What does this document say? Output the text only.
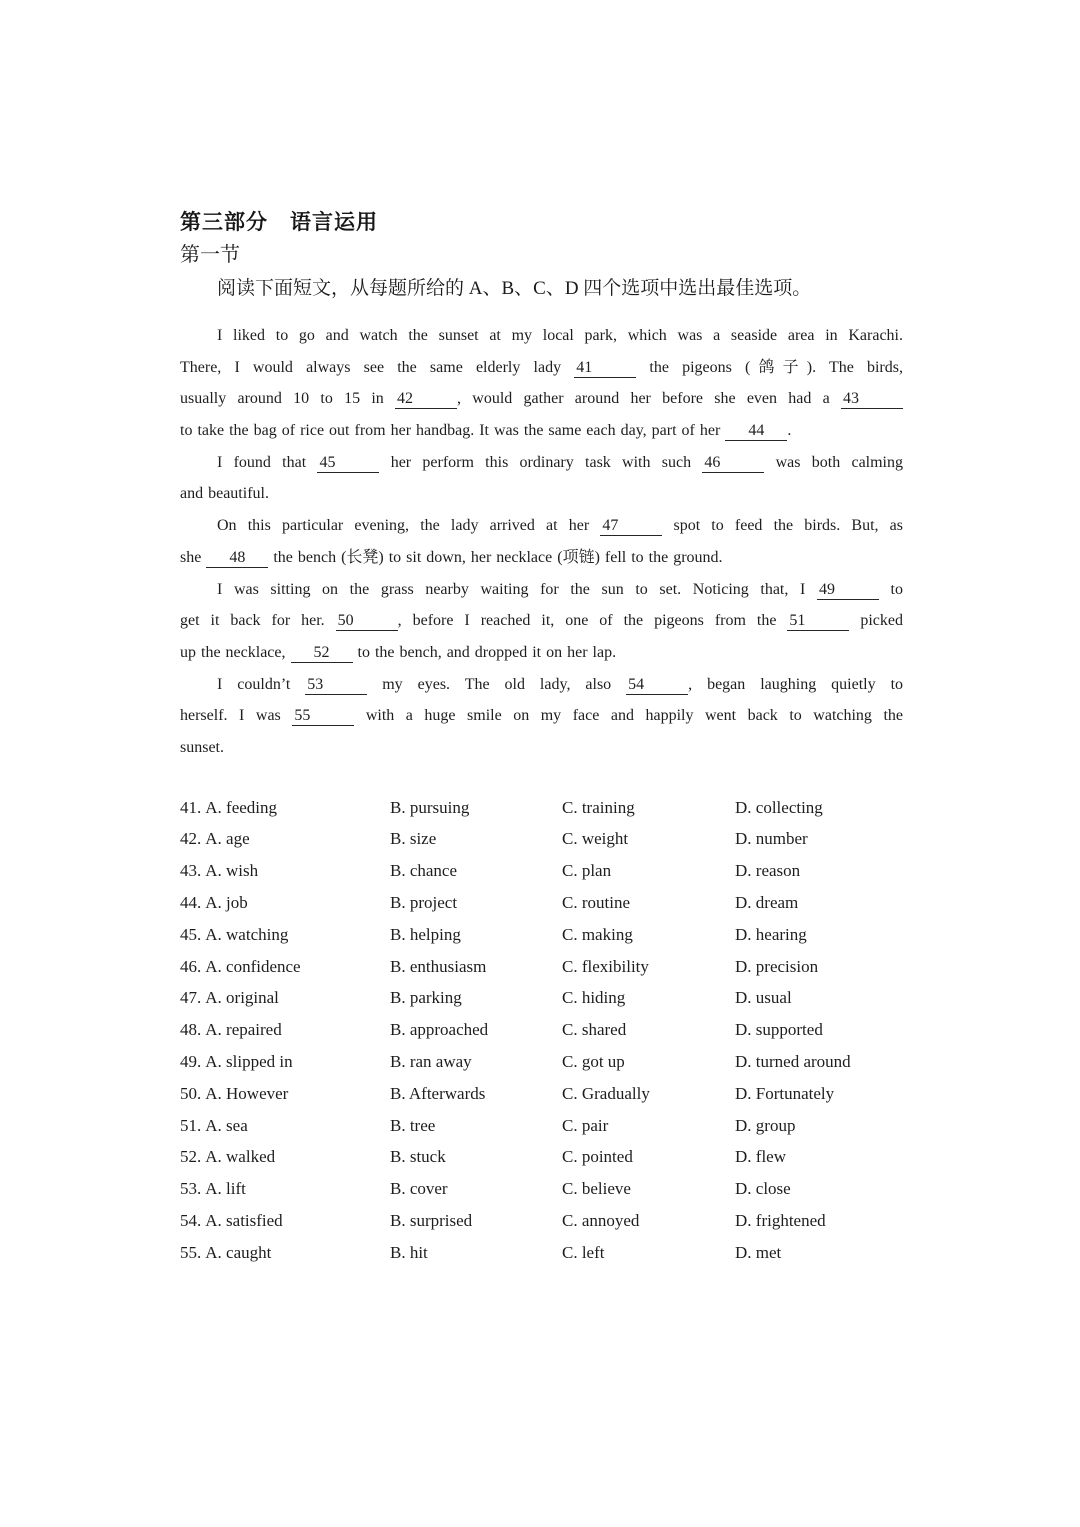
第三部分　语言运用
第一节
阅读下面短文，从每题所给的 A、B、C、D 四个选项中选出最佳选项。
I liked to go and watch the sunset at my local park, which was a seaside area in Karachi.
There, I would always see the same elderly lady 41	the pigeons (鸽子). The birds,
usually around 10 to 15 in 42	, would gather around her before she even had a 43
to take the bag of rice out from her handbag. It was the same each day, part of her 44 .
I found that 45	her perform this ordinary task with such 46	was both calming
and beautiful.
On this particular evening, the lady arrived at her 47	spot to feed the birds. But, as
she 48 the bench (长凳) to sit down, her necklace (项链) fell to the ground.
I was sitting on the grass nearby waiting for the sun to set. Noticing that, I 49	to
get it back for her. 50	, before I reached it, one of the pigeons from the 51	picked
up the necklace, 52 to the bench, and dropped it on her lap.
I couldn’t 53	my eyes. The old lady, also 54	, began laughing quietly to
herself. I was 55	with a huge smile on my face and happily went back to watching the
sunset.
41. A. feeding	B. pursuing	C. training	D. collecting
42. A. age	B. size	C. weight	D. number
43. A. wish	B. chance	C. plan	D. reason
44. A. job	B. project	C. routine	D. dream
45. A. watching	B. helping	C. making	D. hearing
46. A. confidence	B. enthusiasm	C. flexibility	D. precision
47. A. original	B. parking	C. hiding	D. usual
48. A. repaired	B. approached	C. shared	D. supported
49. A. slipped in	B. ran away	C. got up	D. turned around
50. A. However	B. Afterwards	C. Gradually	D. Fortunately
51. A. sea	B. tree	C. pair	D. group
52. A. walked	B. stuck	C. pointed	D. flew
53. A. lift	B. cover	C. believe	D. close
54. A. satisfied	B. surprised	C. annoyed	D. frightened
55. A. caught	B. hit	C. left	D. met
